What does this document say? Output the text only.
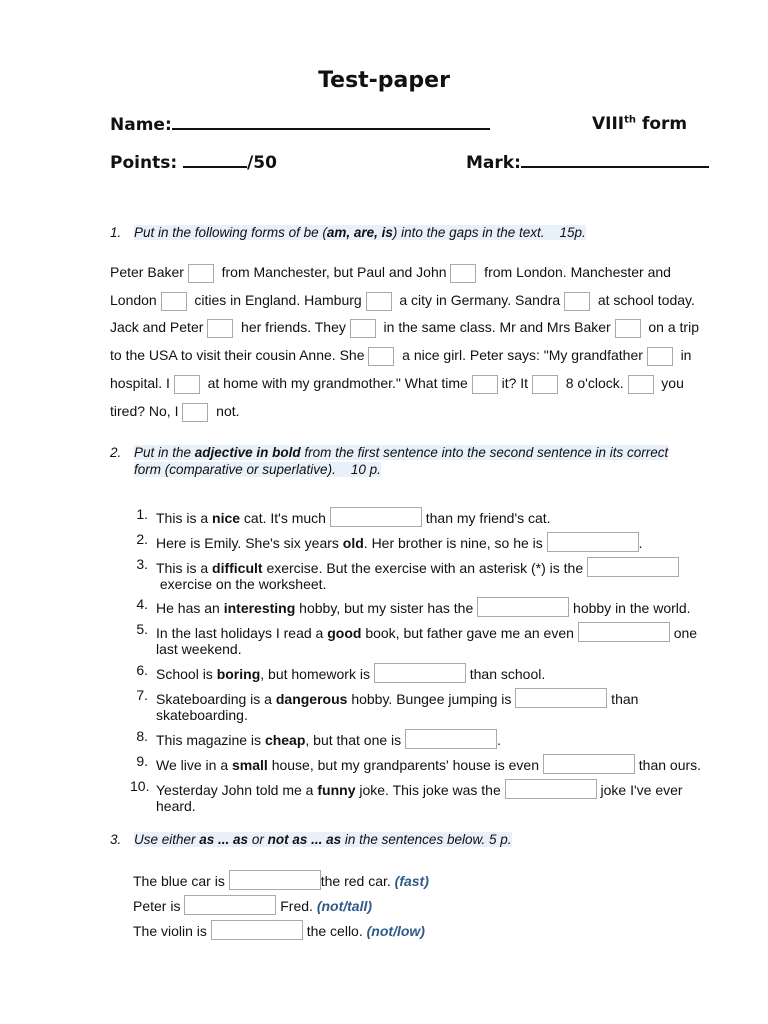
Test-paper
Name:	VIIIth form
Points:	/50	Mark:
1. Put in the following forms of be (am, are, is) into the gaps in the text.    15p.
Peter Baker   from Manchester, but Paul and John   from London. Manchester and
London   cities in England. Hamburg   a city in Germany. Sandra   at school today.
Jack and Peter   her friends. They   in the same class. Mr and Mrs Baker   on a trip
to the USA to visit their cousin Anne. She   a nice girl. Peter says: "My grandfather   in
hospital. I   at home with my grandmother." What time  it? It   8 o'clock.   you
tired? No, I   not.
2. Put in the adjective in bold from the first sentence into the second sentence in its correct
form (comparative or superlative).    10 p.
1. This is a nice cat. It's much	than my friend's cat.
2. Here is Emily. She's six years old. Her brother is nine, so he is	.
3. This is a difficult exercise. But the exercise with an asterisk (*) is the
exercise on the worksheet.
4. He has an interesting hobby, but my sister has the	hobby in the world.
5. In the last holidays I read a good book, but father gave me an even	one
last weekend.
6. School is boring, but homework is	than school.
7. Skateboarding is a dangerous hobby. Bungee jumping is	than
skateboarding.
8. This magazine is cheap, but that one is	.
9. We live in a small house, but my grandparents' house is even	than ours.
10. Yesterday John told me a funny joke. This joke was the	joke I've ever
heard.
3. Use either as ... as or not as ... as in the sentences below. 5 p.
The blue car is	the red car. (fast)
Peter is	Fred. (not/tall)
The violin is	the cello. (not/low)
